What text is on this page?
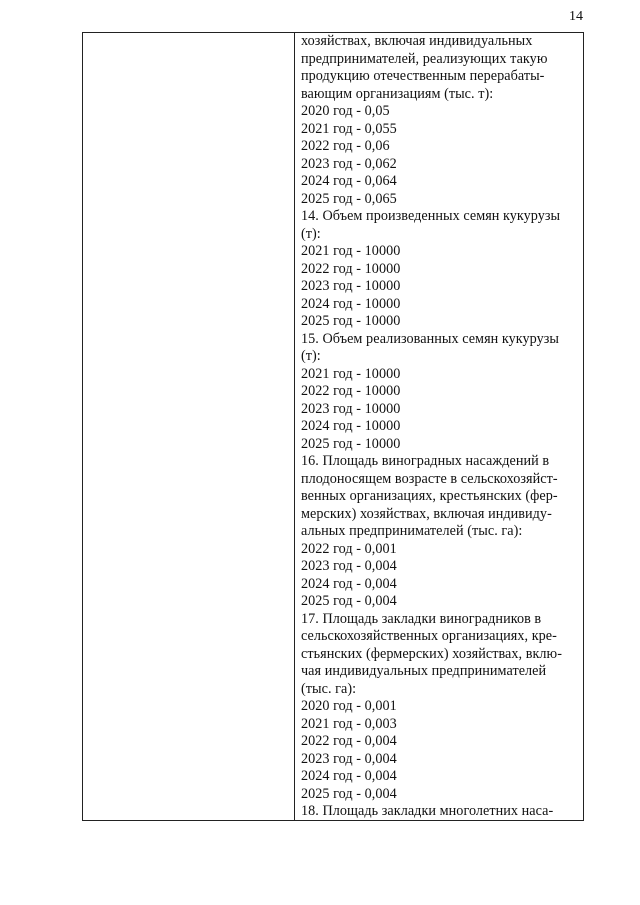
14
хозяйствах, включая индивидуальных
предпринимателей, реализующих такую
продукцию отечественным перерабаты-
вающим организациям (тыс. т):
2020 год - 0,05
2021 год - 0,055
2022 год - 0,06
2023 год - 0,062
2024 год - 0,064
2025 год - 0,065
14. Объем произведенных семян кукурузы
(т):
2021 год - 10000
2022 год - 10000
2023 год - 10000
2024 год - 10000
2025 год - 10000
15. Объем реализованных семян кукурузы
(т):
2021 год - 10000
2022 год - 10000
2023 год - 10000
2024 год - 10000
2025 год - 10000
16. Площадь виноградных насаждений в
плодоносящем возрасте в сельскохозяйст-
венных организациях, крестьянских (фер-
мерских) хозяйствах, включая индивиду-
альных предпринимателей (тыс. га):
2022 год - 0,001
2023 год - 0,004
2024 год - 0,004
2025 год - 0,004
17. Площадь закладки виноградников в
сельскохозяйственных организациях, кре-
стьянских (фермерских) хозяйствах, вклю-
чая индивидуальных предпринимателей
(тыс. га):
2020 год - 0,001
2021 год - 0,003
2022 год - 0,004
2023 год - 0,004
2024 год - 0,004
2025 год - 0,004
18. Площадь закладки многолетних наса-
